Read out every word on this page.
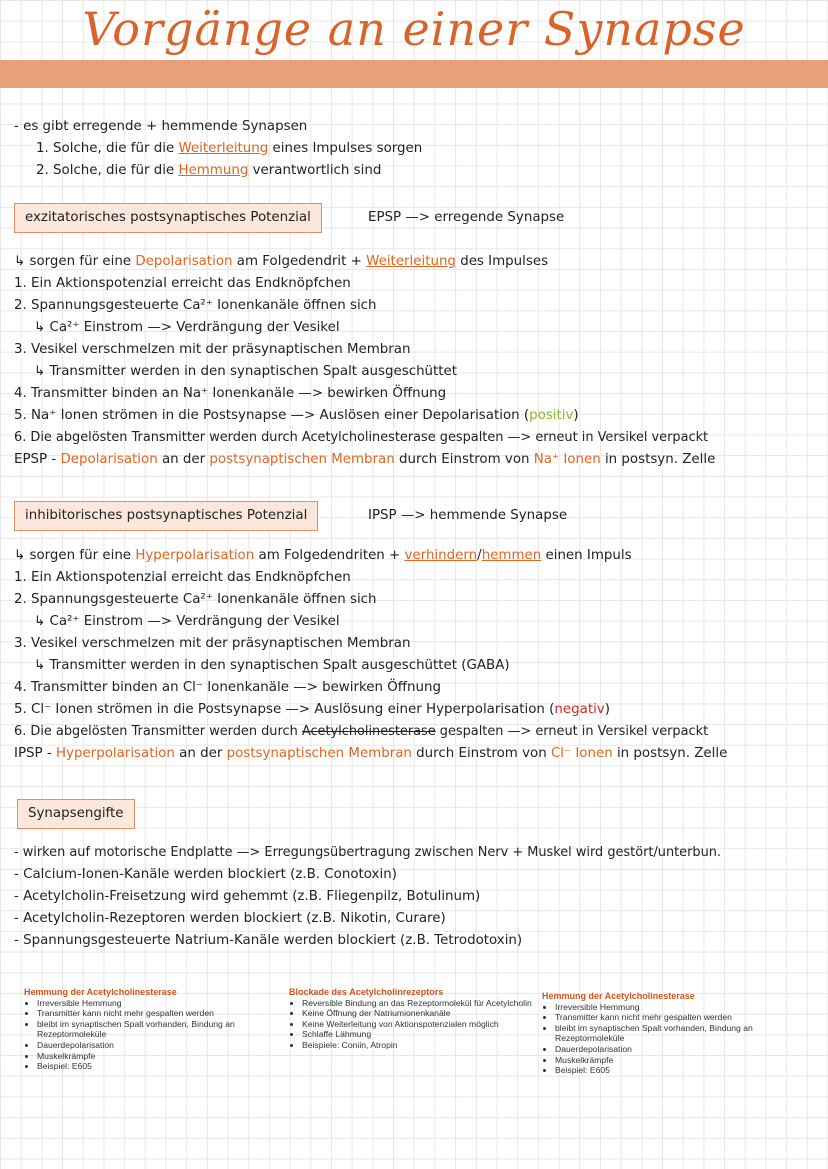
Vorgänge an einer Synapse
- es gibt erregende + hemmende Synapsen
1. Solche, die für die Weiterleitung eines Impulses sorgen
2. Solche, die für die Hemmung verantwortlich sind
exzitatorisches postsynaptisches Potenzial	EPSP —> erregende Synapse
↳ sorgen für eine Depolarisation am Folgedendrit + Weiterleitung des Impulses
1. Ein Aktionspotenzial erreicht das Endknöpfchen
2. Spannungsgesteuerte Ca²⁺ Ionenkanäle öffnen sich
↳ Ca²⁺ Einstrom —> Verdrängung der Vesikel
3. Vesikel verschmelzen mit der präsynaptischen Membran
↳ Transmitter werden in den synaptischen Spalt ausgeschüttet
4. Transmitter binden an Na⁺ Ionenkanäle —> bewirken Öffnung
5. Na⁺ Ionen strömen in die Postsynapse —> Auslösen einer Depolarisation (positiv)
6. Die abgelösten Transmitter werden durch Acetylcholinesterase gespalten —> erneut in Versikel verpackt
EPSP - Depolarisation an der postsynaptischen Membran durch Einstrom von Na⁺ Ionen in postsyn. Zelle
inhibitorisches postsynaptisches Potenzial	IPSP —> hemmende Synapse
↳ sorgen für eine Hyperpolarisation am Folgedendriten + verhindern/hemmen einen Impuls
1. Ein Aktionspotenzial erreicht das Endknöpfchen
2. Spannungsgesteuerte Ca²⁺ Ionenkanäle öffnen sich
↳ Ca²⁺ Einstrom —> Verdrängung der Vesikel
3. Vesikel verschmelzen mit der präsynaptischen Membran
↳ Transmitter werden in den synaptischen Spalt ausgeschüttet (GABA)
4. Transmitter binden an Cl⁻ Ionenkanäle —> bewirken Öffnung
5. Cl⁻ Ionen strömen in die Postsynapse —> Auslösung einer Hyperpolarisation (negativ)
6. Die abgelösten Transmitter werden durch Acetylcholinesterase gespalten —> erneut in Versikel verpackt
IPSP - Hyperpolarisation an der postsynaptischen Membran durch Einstrom von Cl⁻ Ionen in postsyn. Zelle
Synapsengifte
- wirken auf motorische Endplatte —> Erregungsübertragung zwischen Nerv + Muskel wird gestört/unterbun.
- Calcium-Ionen-Kanäle werden blockiert (z.B. Conotoxin)
- Acetylcholin-Freisetzung wird gehemmt (z.B. Fliegenpilz, Botulinum)
- Acetylcholin-Rezeptoren werden blockiert (z.B. Nikotin, Curare)
- Spannungsgesteuerte Natrium-Kanäle werden blockiert (z.B. Tetrodotoxin)
Hemmung der Acetylcholinesterase
• Irreversible Hemmung
• Transmitter kann nicht mehr gespalten werden
• bleibt im synaptischen Spalt vorhanden, Bindung an Rezeptormoleküle
• Dauerdepolarisation
• Muskelkrämpfe
• Beispiel: E605
Blockade des Acetylcholinrezeptors
• Reversible Bindung an das Rezeptormolekül für Acetylcholin
• Keine Öffnung der Natriumionenkanäle
• Keine Weiterleitung von Aktionspotenzialen möglich
• Schlaffe Lähmung
• Beispiele: Coniin, Atropin
Hemmung der Acetylcholinesterase
• Irreversible Hemmung
• Transmitter kann nicht mehr gespalten werden
• bleibt im synaptischen Spalt vorhanden, Bindung an Rezeptormoleküle
• Dauerdepolarisation
• Muskelkrämpfe
• Beispiel: E605
